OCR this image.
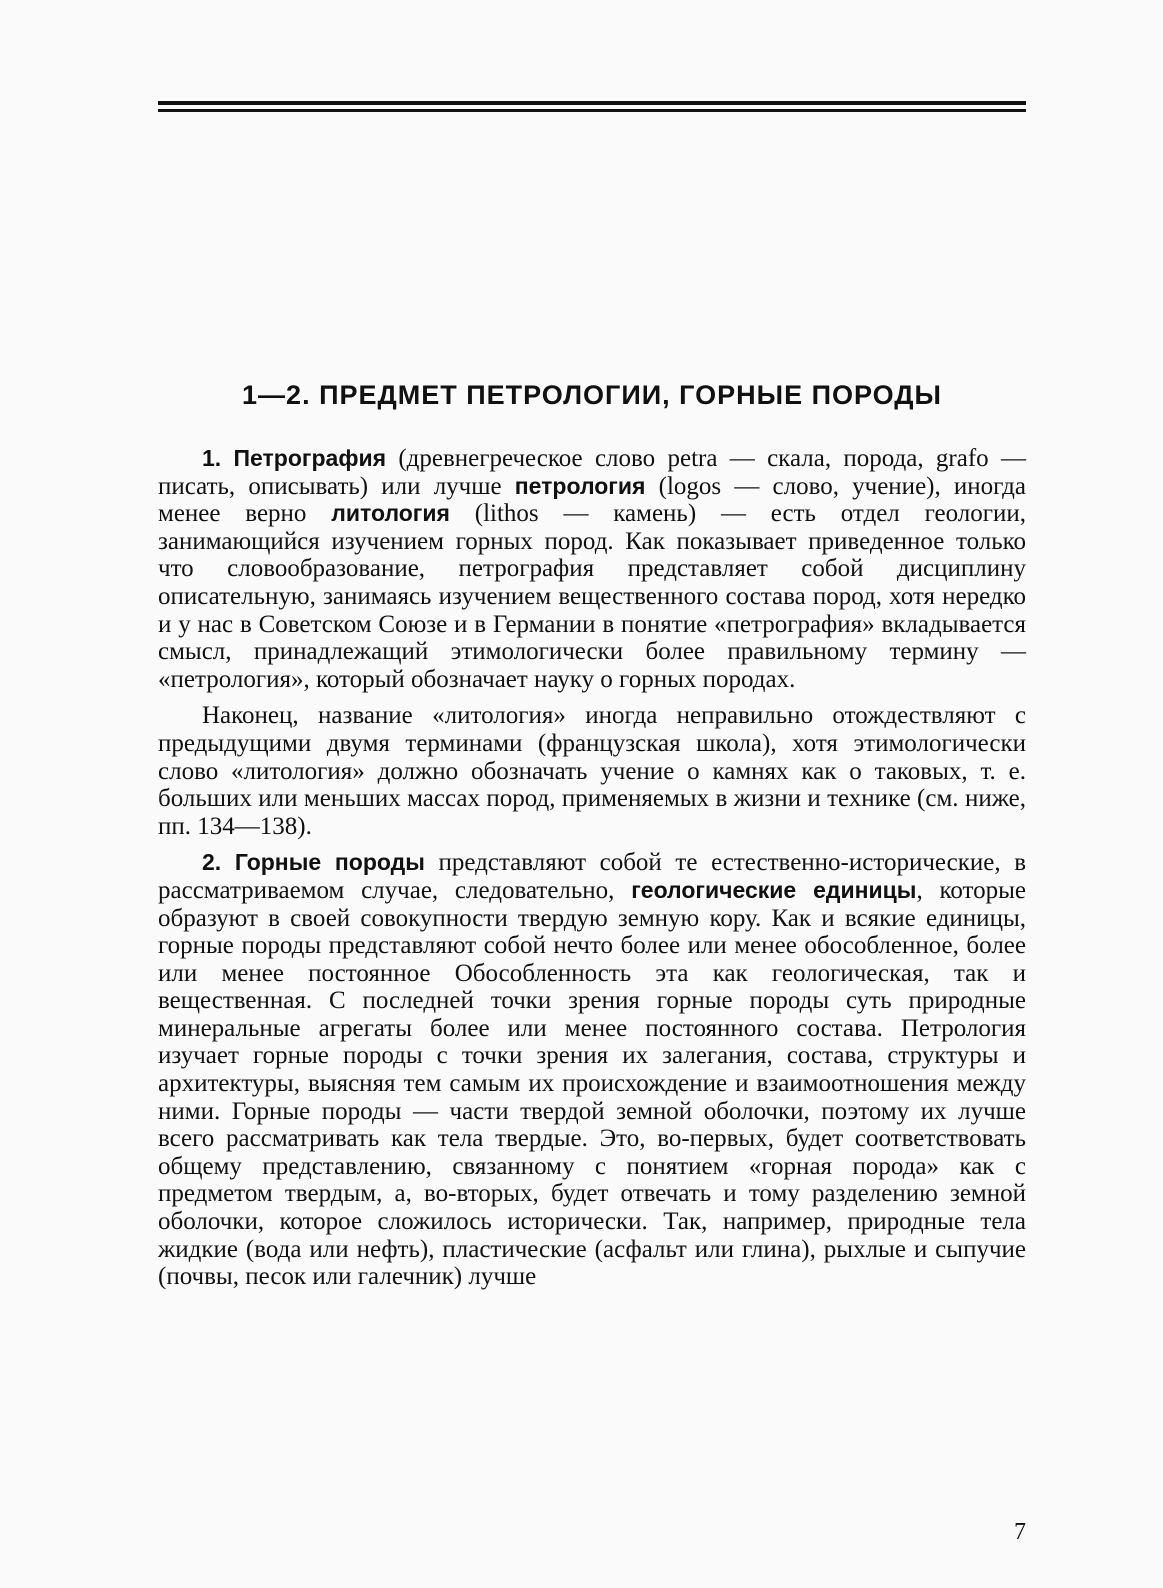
1—2. ПРЕДМЕТ ПЕТРОЛОГИИ, ГОРНЫЕ ПОРОДЫ

1. Петрография (древнегреческое слово petra — скала, порода, grafo — писать, описывать) или лучше петрология (logos — слово, учение), иногда менее верно литология (lithos — камень) — есть отдел геологии, занимающийся изучением горных пород. Как показывает приведенное только что словообразование, петрография представляет собой дисциплину описательную, занимаясь изучением вещественного состава пород, хотя нередко и у нас в Советском Союзе и в Германии в понятие «петрография» вкладывается смысл, принадлежащий этимологически более правильному термину — «петрология», который обозначает науку о горных породах.

Наконец, название «литология» иногда неправильно отождествляют с предыдущими двумя терминами (французская школа), хотя этимологически слово «литология» должно обозначать учение о камнях как о таковых, т. е. больших или меньших массах пород, применяемых в жизни и технике (см. ниже, пп. 134—138).

2. Горные породы представляют собой те естественно-исторические, в рассматриваемом случае, следовательно, геологические единицы, которые образуют в своей совокупности твердую земную кору. Как и всякие единицы, горные породы представляют собой нечто более или менее обособленное, более или менее постоянное Обособленность эта как геологическая, так и вещественная. С последней точки зрения горные породы суть природные минеральные агрегаты более или менее постоянного состава. Петрология изучает горные породы с точки зрения их залегания, состава, структуры и архитектуры, выясняя тем самым их происхождение и взаимоотношения между ними. Горные породы — части твердой земной оболочки, поэтому их лучше всего рассматривать как тела твердые. Это, во-первых, будет соответствовать общему представлению, связанному с понятием «горная порода» как с предметом твердым, а, во-вторых, будет отвечать и тому разделению земной оболочки, которое сложилось исторически. Так, например, природные тела жидкие (вода или нефть), пластические (асфальт или глина), рыхлые и сыпучие (почвы, песок или галечник) лучше

7
